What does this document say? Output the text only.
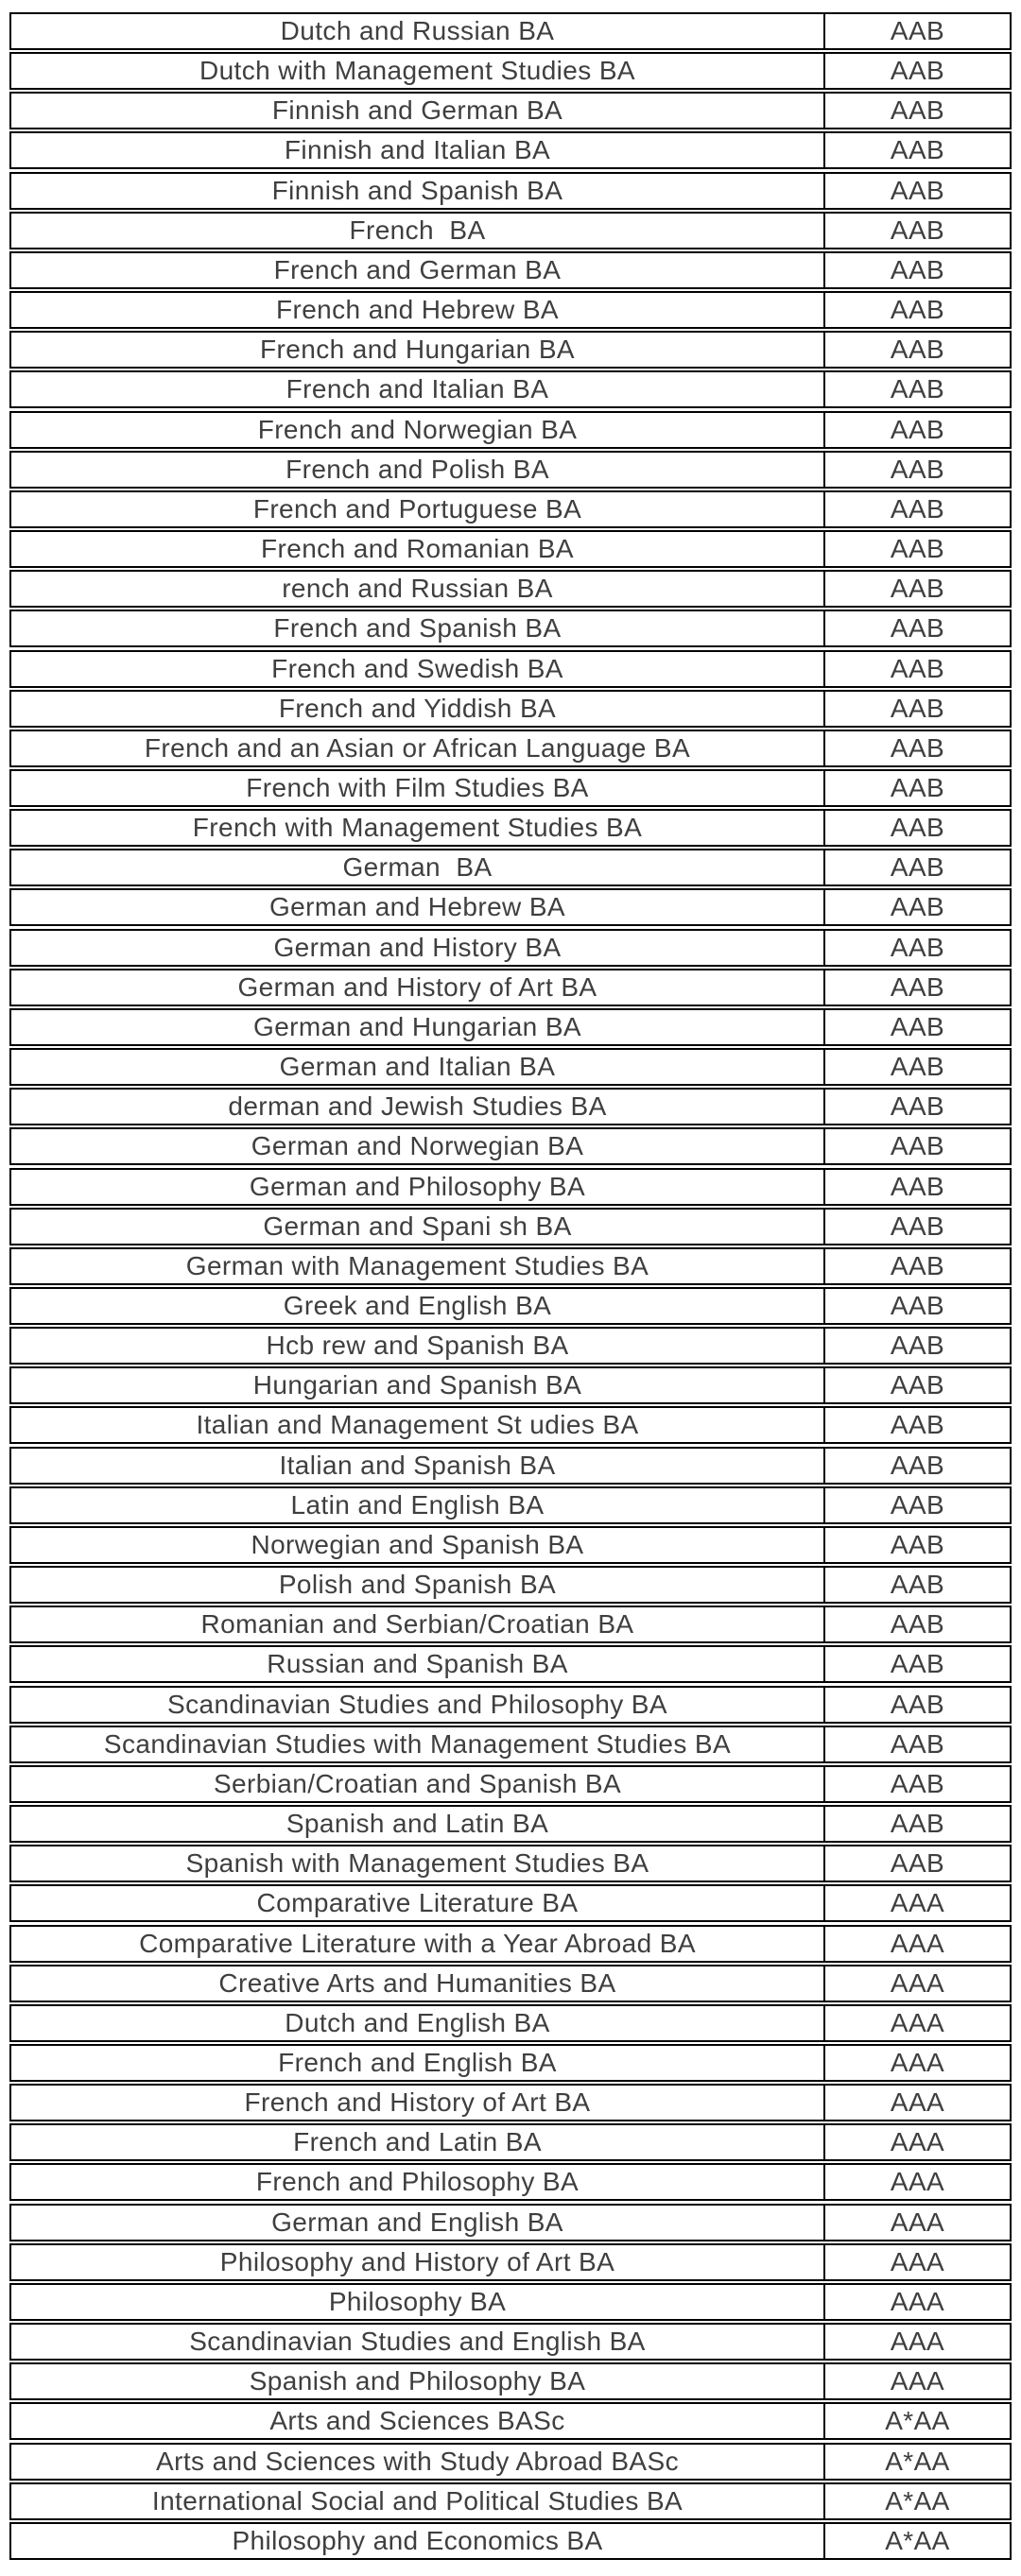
Dutch and Russian BA	AAB
Dutch with Management Studies BA	AAB
Finnish and German BA	AAB
Finnish and Italian BA	AAB
Finnish and Spanish BA	AAB
French  BA	AAB
French and German BA	AAB
French and Hebrew BA	AAB
French and Hungarian BA	AAB
French and Italian BA	AAB
French and Norwegian BA	AAB
French and Polish BA	AAB
French and Portuguese BA	AAB
French and Romanian BA	AAB
rench and Russian BA	AAB
French and Spanish BA	AAB
French and Swedish BA	AAB
French and Yiddish BA	AAB
French and an Asian or African Language BA	AAB
French with Film Studies BA	AAB
French with Management Studies BA	AAB
German  BA	AAB
German and Hebrew BA	AAB
German and History BA	AAB
German and History of Art BA	AAB
German and Hungarian BA	AAB
German and Italian BA	AAB
derman and Jewish Studies BA	AAB
German and Norwegian BA	AAB
German and Philosophy BA	AAB
German and Spani sh BA	AAB
German with Management Studies BA	AAB
Greek and English BA	AAB
Hcb rew and Spanish BA	AAB
Hungarian and Spanish BA	AAB
Italian and Management St udies BA	AAB
Italian and Spanish BA	AAB
Latin and English BA	AAB
Norwegian and Spanish BA	AAB
Polish and Spanish BA	AAB
Romanian and Serbian/Croatian BA	AAB
Russian and Spanish BA	AAB
Scandinavian Studies and Philosophy BA	AAB
Scandinavian Studies with Management Studies BA	AAB
Serbian/Croatian and Spanish BA	AAB
Spanish and Latin BA	AAB
Spanish with Management Studies BA	AAB
Comparative Literature BA	AAA
Comparative Literature with a Year Abroad BA	AAA
Creative Arts and Humanities BA	AAA
Dutch and English BA	AAA
French and English BA	AAA
French and History of Art BA	AAA
French and Latin BA	AAA
French and Philosophy BA	AAA
German and English BA	AAA
Philosophy and History of Art BA	AAA
Philosophy BA	AAA
Scandinavian Studies and English BA	AAA
Spanish and Philosophy BA	AAA
Arts and Sciences BASc	A*AA
Arts and Sciences with Study Abroad BASc	A*AA
International Social and Political Studies BA	A*AA
Philosophy and Economics BA	A*AA
